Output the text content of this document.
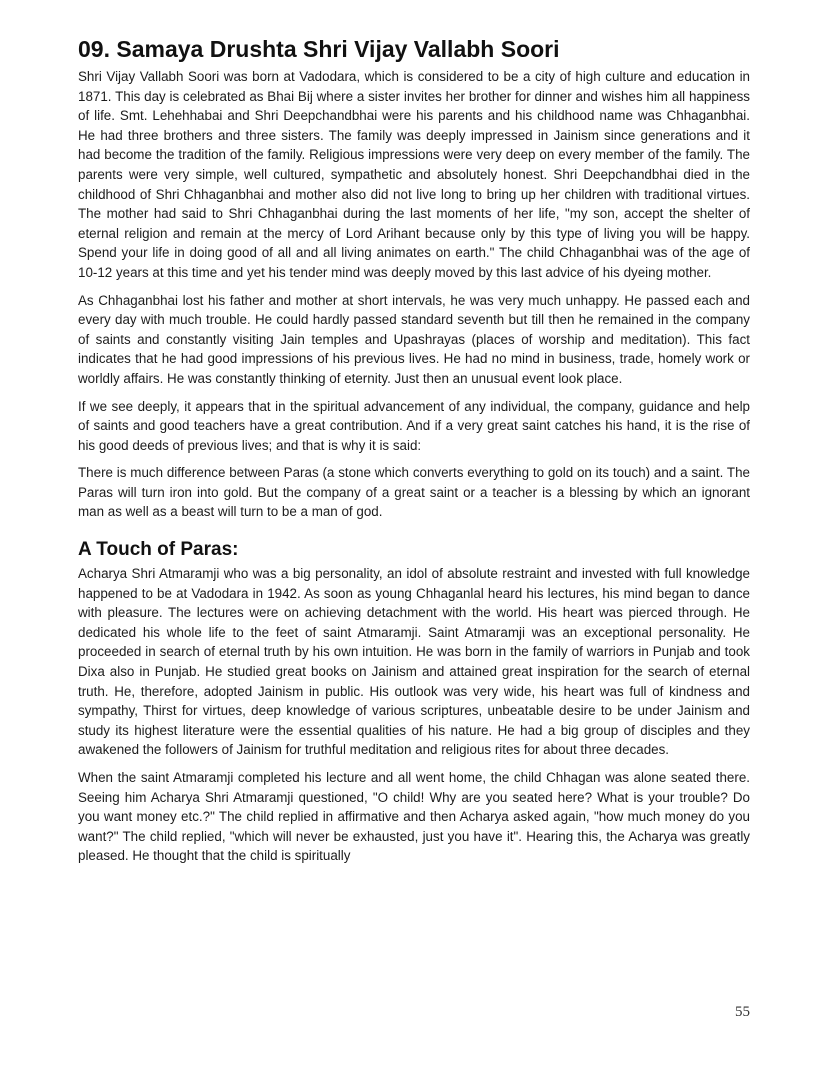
09. Samaya Drushta Shri Vijay Vallabh Soori

Shri Vijay Vallabh Soori was born at Vadodara, which is considered to be a city of high culture and education in 1871. This day is celebrated as Bhai Bij where a sister invites her brother for dinner and wishes him all happiness of life. Smt. Lehehhabai and Shri Deepchandbhai were his parents and his childhood name was Chhaganbhai. He had three brothers and three sisters. The family was deeply impressed in Jainism since generations and it had become the tradition of the family. Religious impressions were very deep on every member of the family. The parents were very simple, well cultured, sympathetic and absolutely honest. Shri Deepchandbhai died in the childhood of Shri Chhaganbhai and mother also did not live long to bring up her children with traditional virtues. The mother had said to Shri Chhaganbhai during the last moments of her life, "my son, accept the shelter of eternal religion and remain at the mercy of Lord Arihant because only by this type of living you will be happy. Spend your life in doing good of all and all living animates on earth." The child Chhaganbhai was of the age of 10-12 years at this time and yet his tender mind was deeply moved by this last advice of his dyeing mother.

As Chhaganbhai lost his father and mother at short intervals, he was very much unhappy. He passed each and every day with much trouble. He could hardly passed standard seventh but till then he remained in the company of saints and constantly visiting Jain temples and Upashrayas (places of worship and meditation). This fact indicates that he had good impressions of his previous lives. He had no mind in business, trade, homely work or worldly affairs. He was constantly thinking of eternity. Just then an unusual event look place.

If we see deeply, it appears that in the spiritual advancement of any individual, the company, guidance and help of saints and good teachers have a great contribution. And if a very great saint catches his hand, it is the rise of his good deeds of previous lives; and that is why it is said:

There is much difference between Paras (a stone which converts everything to gold on its touch) and a saint. The Paras will turn iron into gold. But the company of a great saint or a teacher is a blessing by which an ignorant man as well as a beast will turn to be a man of god.

A Touch of Paras:

Acharya Shri Atmaramji who was a big personality, an idol of absolute restraint and invested with full knowledge happened to be at Vadodara in 1942. As soon as young Chhaganlal heard his lectures, his mind began to dance with pleasure. The lectures were on achieving detachment with the world. His heart was pierced through. He dedicated his whole life to the feet of saint Atmaramji. Saint Atmaramji was an exceptional personality. He proceeded in search of eternal truth by his own intuition. He was born in the family of warriors in Punjab and took Dixa also in Punjab. He studied great books on Jainism and attained great inspiration for the search of eternal truth. He, therefore, adopted Jainism in public. His outlook was very wide, his heart was full of kindness and sympathy, Thirst for virtues, deep knowledge of various scriptures, unbeatable desire to be under Jainism and study its highest literature were the essential qualities of his nature. He had a big group of disciples and they awakened the followers of Jainism for truthful meditation and religious rites for about three decades.

When the saint Atmaramji completed his lecture and all went home, the child Chhagan was alone seated there. Seeing him Acharya Shri Atmaramji questioned, "O child! Why are you seated here? What is your trouble? Do you want money etc.?" The child replied in affirmative and then Acharya asked again, "how much money do you want?" The child replied, "which will never be exhausted, just you have it". Hearing this, the Acharya was greatly pleased. He thought that the child is spiritually

55
